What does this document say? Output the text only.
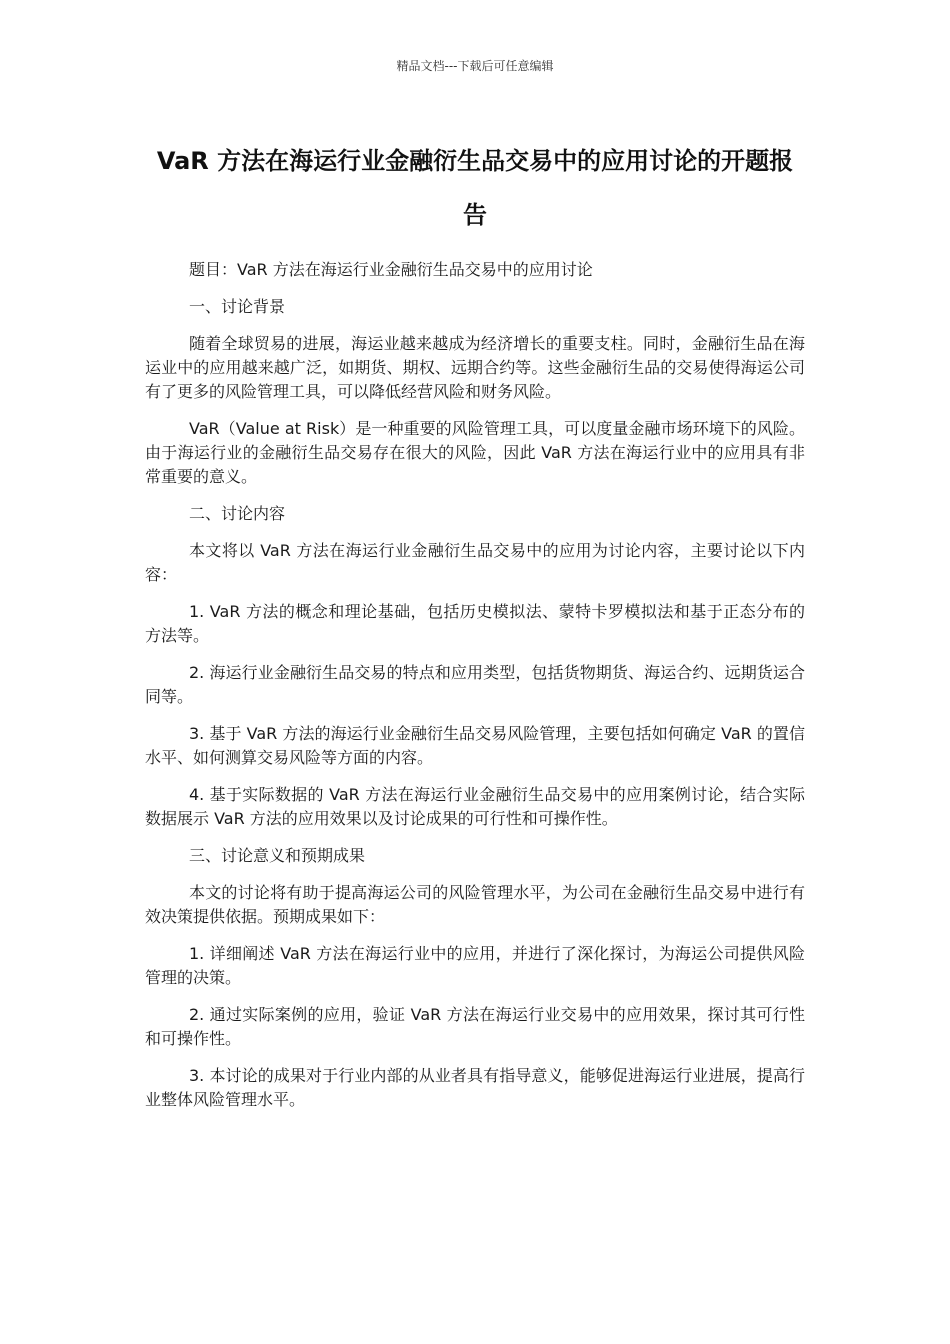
精品文档---下载后可任意编辑
VaR 方法在海运行业金融衍生品交易中的应用讨论的开题报告

题目：VaR 方法在海运行业金融衍生品交易中的应用讨论

一、讨论背景

随着全球贸易的进展，海运业越来越成为经济增长的重要支柱。同时，金融衍生品在海运业中的应用越来越广泛，如期货、期权、远期合约等。这些金融衍生品的交易使得海运公司有了更多的风险管理工具，可以降低经营风险和财务风险。

VaR（Value at Risk）是一种重要的风险管理工具，可以度量金融市场环境下的风险。由于海运行业的金融衍生品交易存在很大的风险，因此 VaR 方法在海运行业中的应用具有非常重要的意义。

二、讨论内容

本文将以 VaR 方法在海运行业金融衍生品交易中的应用为讨论内容，主要讨论以下内容：

1. VaR 方法的概念和理论基础，包括历史模拟法、蒙特卡罗模拟法和基于正态分布的方法等。

2. 海运行业金融衍生品交易的特点和应用类型，包括货物期货、海运合约、远期货运合同等。

3. 基于 VaR 方法的海运行业金融衍生品交易风险管理，主要包括如何确定 VaR 的置信水平、如何测算交易风险等方面的内容。

4. 基于实际数据的 VaR 方法在海运行业金融衍生品交易中的应用案例讨论，结合实际数据展示 VaR 方法的应用效果以及讨论成果的可行性和可操作性。

三、讨论意义和预期成果

本文的讨论将有助于提高海运公司的风险管理水平，为公司在金融衍生品交易中进行有效决策提供依据。预期成果如下：

1. 详细阐述 VaR 方法在海运行业中的应用，并进行了深化探讨，为海运公司提供风险管理的决策。

2. 通过实际案例的应用，验证 VaR 方法在海运行业交易中的应用效果，探讨其可行性和可操作性。

3. 本讨论的成果对于行业内部的从业者具有指导意义，能够促进海运行业进展，提高行业整体风险管理水平。
